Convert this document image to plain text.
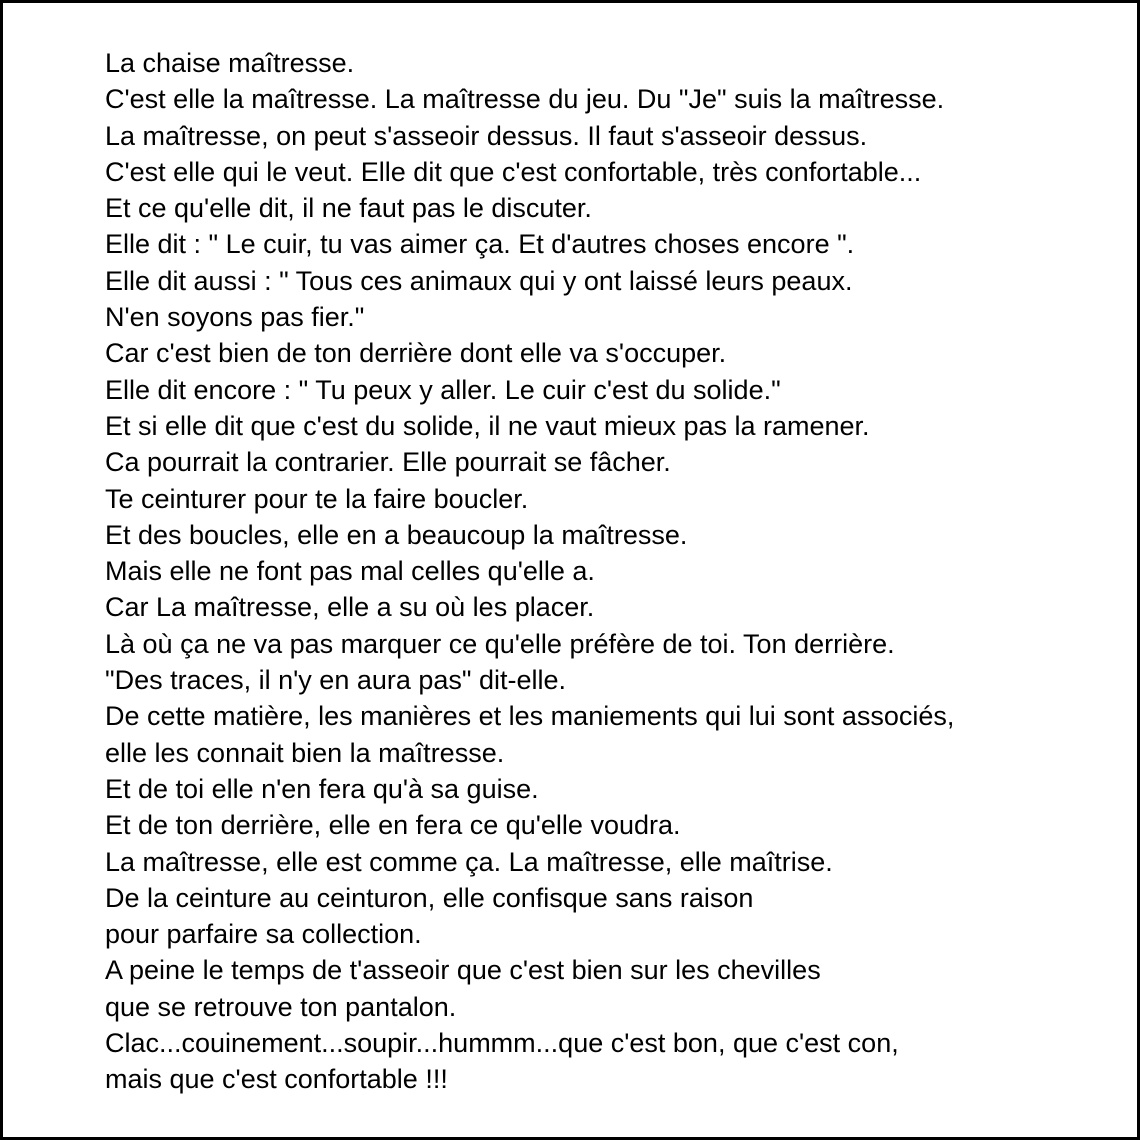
La chaise maîtresse.
C'est elle la maîtresse. La maîtresse du jeu. Du "Je" suis la maîtresse.
La maîtresse, on peut s'asseoir dessus. Il faut s'asseoir dessus.
C'est elle qui le veut. Elle dit que c'est confortable, très confortable...
Et ce qu'elle dit, il ne faut pas le discuter.
Elle dit : " Le cuir, tu vas aimer ça. Et d'autres choses encore ".
Elle dit aussi : " Tous ces animaux qui y ont laissé leurs peaux.
N'en soyons pas fier."
Car c'est bien de ton derrière dont elle va s'occuper.
Elle dit encore : " Tu peux y aller. Le cuir c'est du solide."
Et si elle dit que c'est du solide, il ne vaut mieux pas la ramener.
Ca pourrait la contrarier. Elle pourrait se fâcher.
Te ceinturer pour te la faire boucler.
Et des boucles, elle en a beaucoup la maîtresse.
Mais elle ne font pas mal celles qu'elle a.
Car La maîtresse, elle a su où les placer.
Là où ça ne va pas marquer ce qu'elle préfère de toi. Ton derrière.
"Des traces, il n'y en aura pas" dit-elle.
De cette matière, les manières et les maniements qui lui sont associés,
elle les connait bien la maîtresse.
Et de toi elle n'en fera qu'à sa guise.
Et de ton derrière, elle en fera ce qu'elle voudra.
La maîtresse, elle est comme ça. La maîtresse, elle maîtrise.
De la ceinture au ceinturon, elle confisque sans raison
pour parfaire sa collection.
A peine le temps de t'asseoir que c'est bien sur les chevilles
que se retrouve ton pantalon.
Clac...couinement...soupir...hummm...que c'est bon, que c'est con,
mais que c'est confortable !!!
